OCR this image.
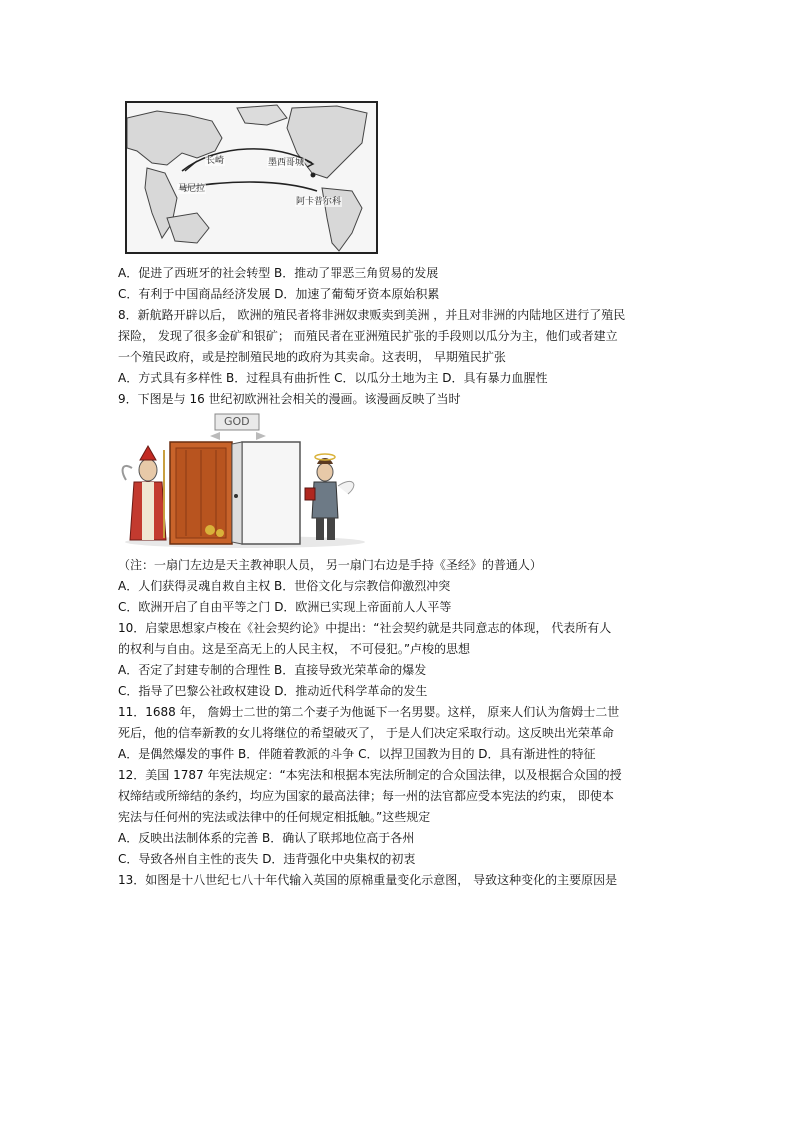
长崎	墨西哥城
马尼拉
阿卡普尔科
A．促进了西班牙的社会转型 B．推动了罪恶三角贸易的发展
C．有利于中国商品经济发展 D．加速了葡萄牙资本原始积累
8．新航路开辟以后， 欧洲的殖民者将非洲奴隶贩卖到美洲 ，并且对非洲的内陆地区进行了殖民
探险， 发现了很多金矿和银矿； 而殖民者在亚洲殖民扩张的手段则以瓜分为主，他们或者建立
一个殖民政府，或是控制殖民地的政府为其卖命。这表明， 早期殖民扩张
A．方式具有多样性 B．过程具有曲折性 C．以瓜分土地为主 D．具有暴力血腥性
9．下图是与 16 世纪初欧洲社会相关的漫画。该漫画反映了当时
GOD
（注：一扇门左边是天主教神职人员， 另一扇门右边是手持《圣经》的普通人）
A．人们获得灵魂自救自主权 B．世俗文化与宗教信仰激烈冲突
C．欧洲开启了自由平等之门 D．欧洲已实现上帝面前人人平等
10．启蒙思想家卢梭在《社会契约论》中提出：“社会契约就是共同意志的体现， 代表所有人
的权利与自由。这是至高无上的人民主权， 不可侵犯。”卢梭的思想
A．否定了封建专制的合理性 B．直接导致光荣革命的爆发
C．指导了巴黎公社政权建设 D．推动近代科学革命的发生
11．1688 年， 詹姆士二世的第二个妻子为他诞下一名男婴。这样， 原来人们认为詹姆士二世
死后，他的信奉新教的女儿将继位的希望破灭了， 于是人们决定采取行动。这反映出光荣革命
A．是偶然爆发的事件 B．伴随着教派的斗争 C．以捍卫国教为目的 D．具有渐进性的特征
12．美国 1787 年宪法规定：“本宪法和根据本宪法所制定的合众国法律，以及根据合众国的授
权缔结或所缔结的条约，均应为国家的最高法律；每一州的法官都应受本宪法的约束， 即使本
宪法与任何州的宪法或法律中的任何规定相抵触。”这些规定
A．反映出法制体系的完善 B．确认了联邦地位高于各州
C．导致各州自主性的丧失 D．违背强化中央集权的初衷
13．如图是十八世纪七八十年代输入英国的原棉重量变化示意图， 导致这种变化的主要原因是
